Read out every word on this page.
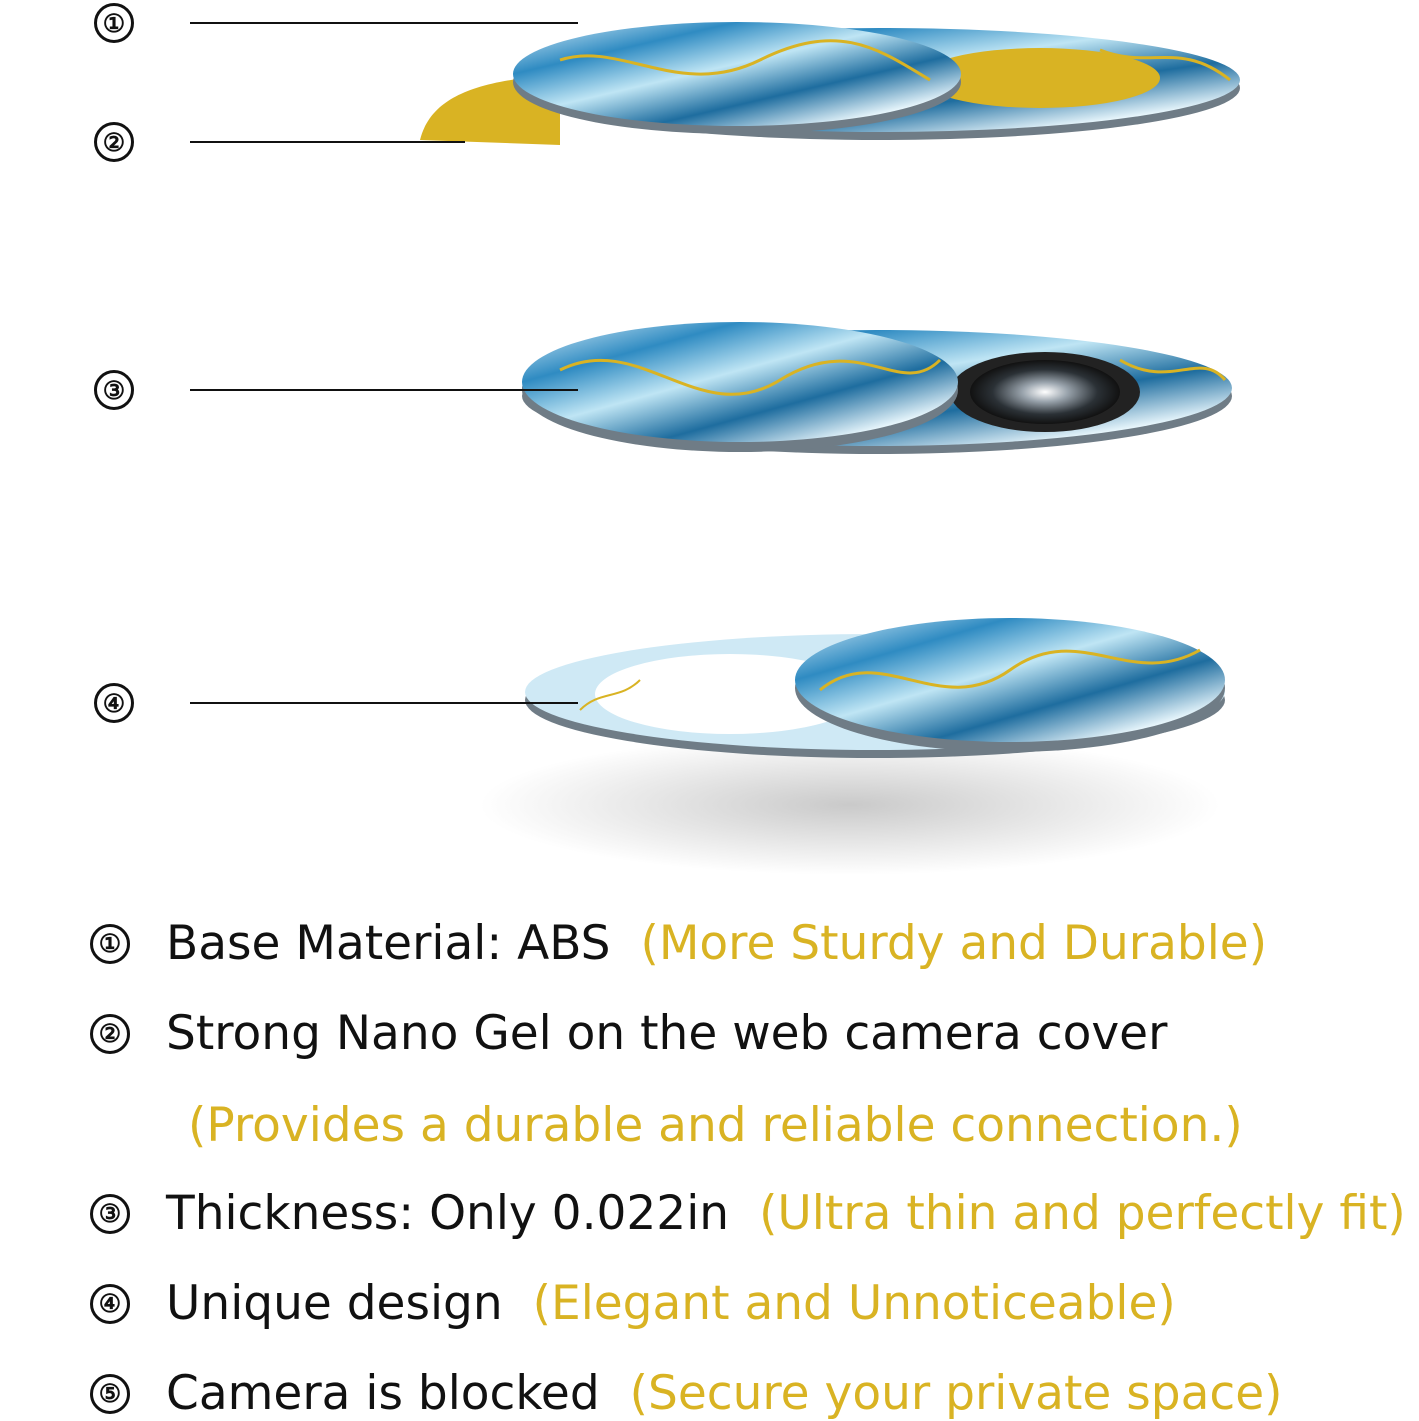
①
②
③
④
① Base Material: ABS (More Sturdy and Durable)
② Strong Nano Gel on the web camera cover
(Provides a durable and reliable connection.)
③ Thickness: Only 0.022in (Ultra thin and perfectly fit)
④ Unique design (Elegant and Unnoticeable)
⑤ Camera is blocked (Secure your private space)
